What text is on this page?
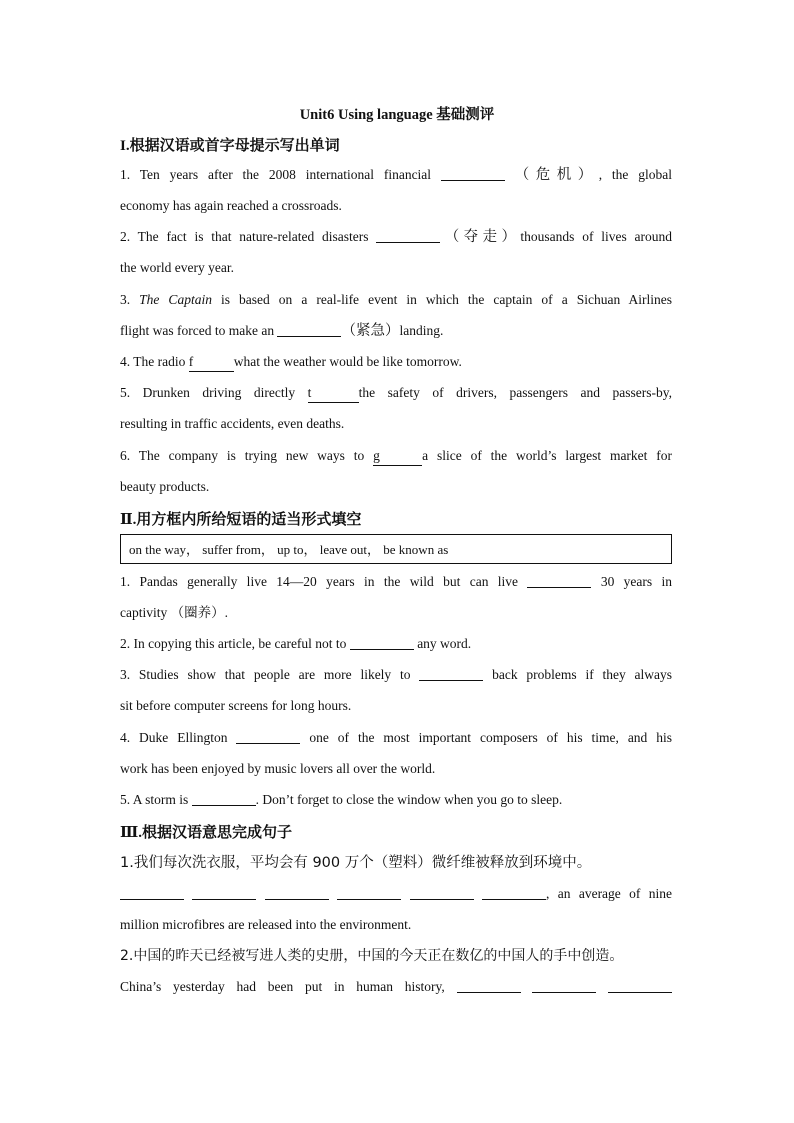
Unit6 Using language 基础测评
I.根据汉语或首字母提示写出单词
1. Ten years after the 2008 international financial	（危机）, the global
economy has again reached a crossroads.
2. The fact is that nature-related disasters	（夺走）thousands of lives around
the world every year.
3. The Captain is based on a real-life event in which the captain of a Sichuan Airlines
flight was forced to make an	（紧急）landing.
4. The radio f	what the weather would be like tomorrow.
5. Drunken driving directly t	the safety of drivers, passengers and passers-by,
resulting in traffic accidents, even deaths.
6. The company is trying new ways to g	a slice of the world’s largest market for
beauty products.
Ⅱ.用方框内所给短语的适当形式填空
on the way， suffer from， up to， leave out， be known as
1. Pandas generally live 14—20 years in the wild but can live	30 years in
captivity （圈养）.
2. In copying this article, be careful not to	any word.
3. Studies show that people are more likely to	back problems if they always
sit before computer screens for long hours.
4. Duke Ellington	one of the most important composers of his time, and his
work has been enjoyed by music lovers all over the world.
5. A storm is	. Don’t forget to close the window when you go to sleep.
Ⅲ.根据汉语意思完成句子
1.我们每次洗衣服，平均会有 900 万个（塑料）微纤维被释放到环境中。
, an average of nine
million microfibres are released into the environment.
2.中国的昨天已经被写进人类的史册，中国的今天正在数亿的中国人的手中创造。
China’s yesterday had been put in human history,
